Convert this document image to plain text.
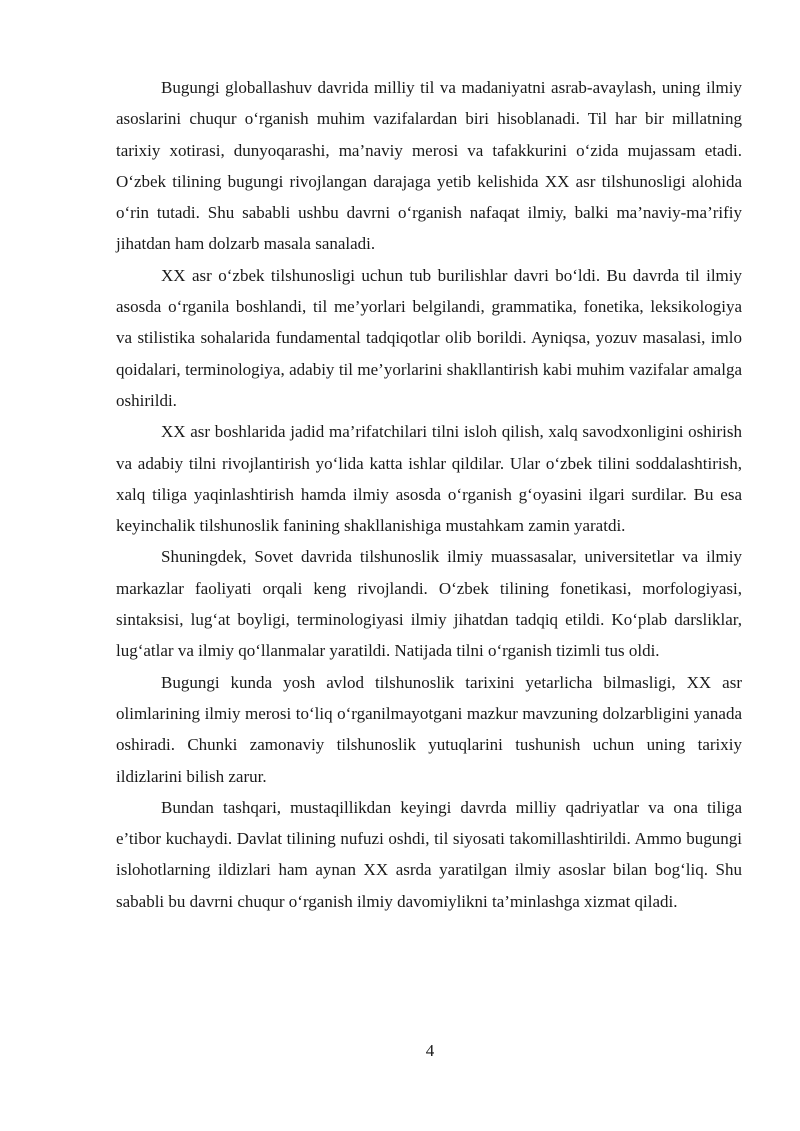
Bugungi globallashuv davrida milliy til va madaniyatni asrab-avaylash, uning ilmiy asoslarini chuqur o‘rganish muhim vazifalardan biri hisoblanadi. Til har bir millatning tarixiy xotirasi, dunyoqarashi, ma’naviy merosi va tafakkurini o‘zida mujassam etadi. O‘zbek tilining bugungi rivojlangan darajaga yetib kelishida XX asr tilshunosligi alohida o‘rin tutadi. Shu sababli ushbu davrni o‘rganish nafaqat ilmiy, balki ma’naviy-ma’rifiy jihatdan ham dolzarb masala sanaladi.

XX asr o‘zbek tilshunosligi uchun tub burilishlar davri bo‘ldi. Bu davrda til ilmiy asosda o‘rganila boshlandi, til me’yorlari belgilandi, grammatika, fonetika, leksikologiya va stilistika sohalarida fundamental tadqiqotlar olib borildi. Ayniqsa, yozuv masalasi, imlo qoidalari, terminologiya, adabiy til me’yorlarini shakllantirish kabi muhim vazifalar amalga oshirildi.

XX asr boshlarida jadid ma’rifatchilari tilni isloh qilish, xalq savodxonligini oshirish va adabiy tilni rivojlantirish yo‘lida katta ishlar qildilar. Ular o‘zbek tilini soddalashtirish, xalq tiliga yaqinlashtirish hamda ilmiy asosda o‘rganish g‘oyasini ilgari surdilar. Bu esa keyinchalik tilshunoslik fanining shakllanishiga mustahkam zamin yaratdi.

Shuningdek, Sovet davrida tilshunoslik ilmiy muassasalar, universitetlar va ilmiy markazlar faoliyati orqali keng rivojlandi. O‘zbek tilining fonetikasi, morfologiyasi, sintaksisi, lug‘at boyligi, terminologiyasi ilmiy jihatdan tadqiq etildi. Ko‘plab darsliklar, lug‘atlar va ilmiy qo‘llanmalar yaratildi. Natijada tilni o‘rganish tizimli tus oldi.

Bugungi kunda yosh avlod tilshunoslik tarixini yetarlicha bilmasligi, XX asr olimlarining ilmiy merosi to‘liq o‘rganilmayotgani mazkur mavzuning dolzarbligini yanada oshiradi. Chunki zamonaviy tilshunoslik yutuqlarini tushunish uchun uning tarixiy ildizlarini bilish zarur.

Bundan tashqari, mustaqillikdan keyingi davrda milliy qadriyatlar va ona tiliga e’tibor kuchaydi. Davlat tilining nufuzi oshdi, til siyosati takomillashtirildi. Ammo bugungi islohotlarning ildizlari ham aynan XX asrda yaratilgan ilmiy asoslar bilan bog‘liq. Shu sababli bu davrni chuqur o‘rganish ilmiy davomiylikni ta’minlashga xizmat qiladi.

4
